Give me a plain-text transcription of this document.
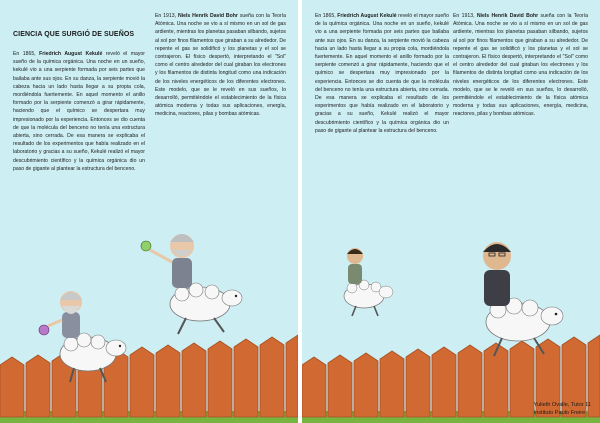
CIENCIA QUE SURGIÓ DE SUEÑOS
En 1865, Friedrich August Kekulé reveló el mayor sueño de la química orgánica. Una noche en un sueño, kekulé vio a una serpiente formada por seis partes que bailaba ante sus ojos. En su danza, la serpiente movió la cabeza hacia un lado hasta llegar a su propia cola, mordiéndola fuertemente. En aquel momento el anillo formado por la serpiente comenzó a girar rápidamente, haciendo que el químico se despertara muy impresionado por la experiencia. Entonces se dio cuenta de que la molécula del benceno no tenía una estructura abierta, sino cerrada. De esa manera se explicaba el resultado de los experimentos que había realizado en el laboratorio y gracias a su sueño, Kekulé realizó el mayor descubrimiento científico y la química orgánica dio un paso de gigante al plantear la estructura del benceno.
En 1913, Niels Henrik David Bohr sueña con la Teoría Atómica. Una noche se vio a sí mismo en un sol de gas ardiente, mientras los planetas pasaban silbando, sujetos al sol por finos filamentos que giraban a su alrededor. De repente el gas se solidificó y los planetas y el sol se contrajeron. El físico despertó, interpretando el "Sol" como el centro alrededor del cual giraban los electrones y los filamentos de distinta longitud como una indicación de los niveles energéticos de los diferentes electrones. Este modelo, que se le reveló en sus sueños, lo desarrolló, permitiéndole el establecimiento de la física atómica moderna y todas sus aplicaciones, energía, medicina, reactores, pilas y bombas atómicas.
En 1865, Friedrich August Kekulé reveló el mayor sueño de la química orgánica. Una noche en un sueño, kekulé vio a una serpiente formada por seis partes que bailaba ante sus ojos. En su danza, la serpiente movió la cabeza hacia un lado hasta llegar a su propia cola, mordiéndola fuertemente. En aquel momento el anillo formado por la serpiente comenzó a girar rápidamente, haciendo que el químico se despertara muy impresionado por la experiencia. Entonces se dio cuenta de que la molécula del benceno no tenía una estructura abierta, sino cerrada. De esa manera se explicaba el resultado de los experimentos que había realizado en el laboratorio y gracias a su sueño, Kekulé realizó el mayor descubrimiento científico y la química orgánica dio un paso de gigante al plantear la estructura del benceno.
En 1913, Niels Henrik David Bohr sueña con la Teoría Atómica. Una noche se vio a sí mismo en un sol de gas ardiente, mientras los planetas pasaban silbando, sujetos al sol por finos filamentos que giraban a su alrededor. De repente el gas se solidificó y los planetas y el sol se contrajeron. El físico despertó, interpretando el "Sol" como el centro alrededor del cual giraban los electrones y los filamentos de distinta longitud como una indicación de los niveles energéticos de los diferentes electrones. Este modelo, que se le reveló en sus sueños, lo desarrolló, permitiéndole el establecimiento de la física atómica moderna y todas sus aplicaciones, energía, medicina, reactores, pilas y bombas atómicas.
Yulieth Ovalle, Tutor 11
Instituto Paulo Freire
